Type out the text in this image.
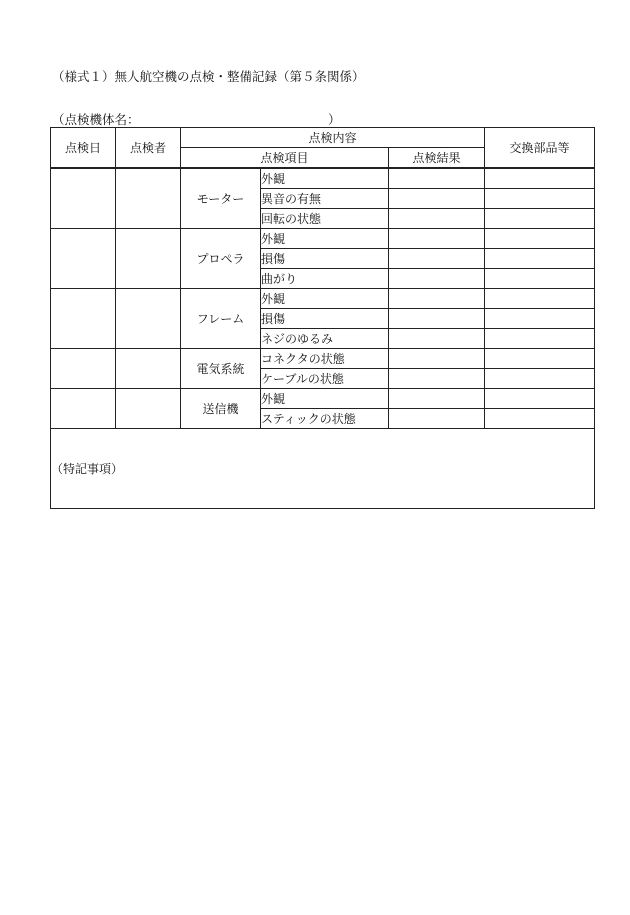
（様式１）無人航空機の点検・整備記録（第５条関係）
（点検機体名：	）
点検日	点検者	点検内容			交換部品等
		点検項目		点検結果	

		モーター	外観		
			異音の有無		
			回転の状態		
		プロペラ	外観		
			損傷		
			曲がり		
		フレーム	外観		
			損傷		
			ネジのゆるみ		
		電気系統	コネクタの状態		
			ケーブルの状態		
		送信機	外観		
			スティックの状態		
（特記事項）					
